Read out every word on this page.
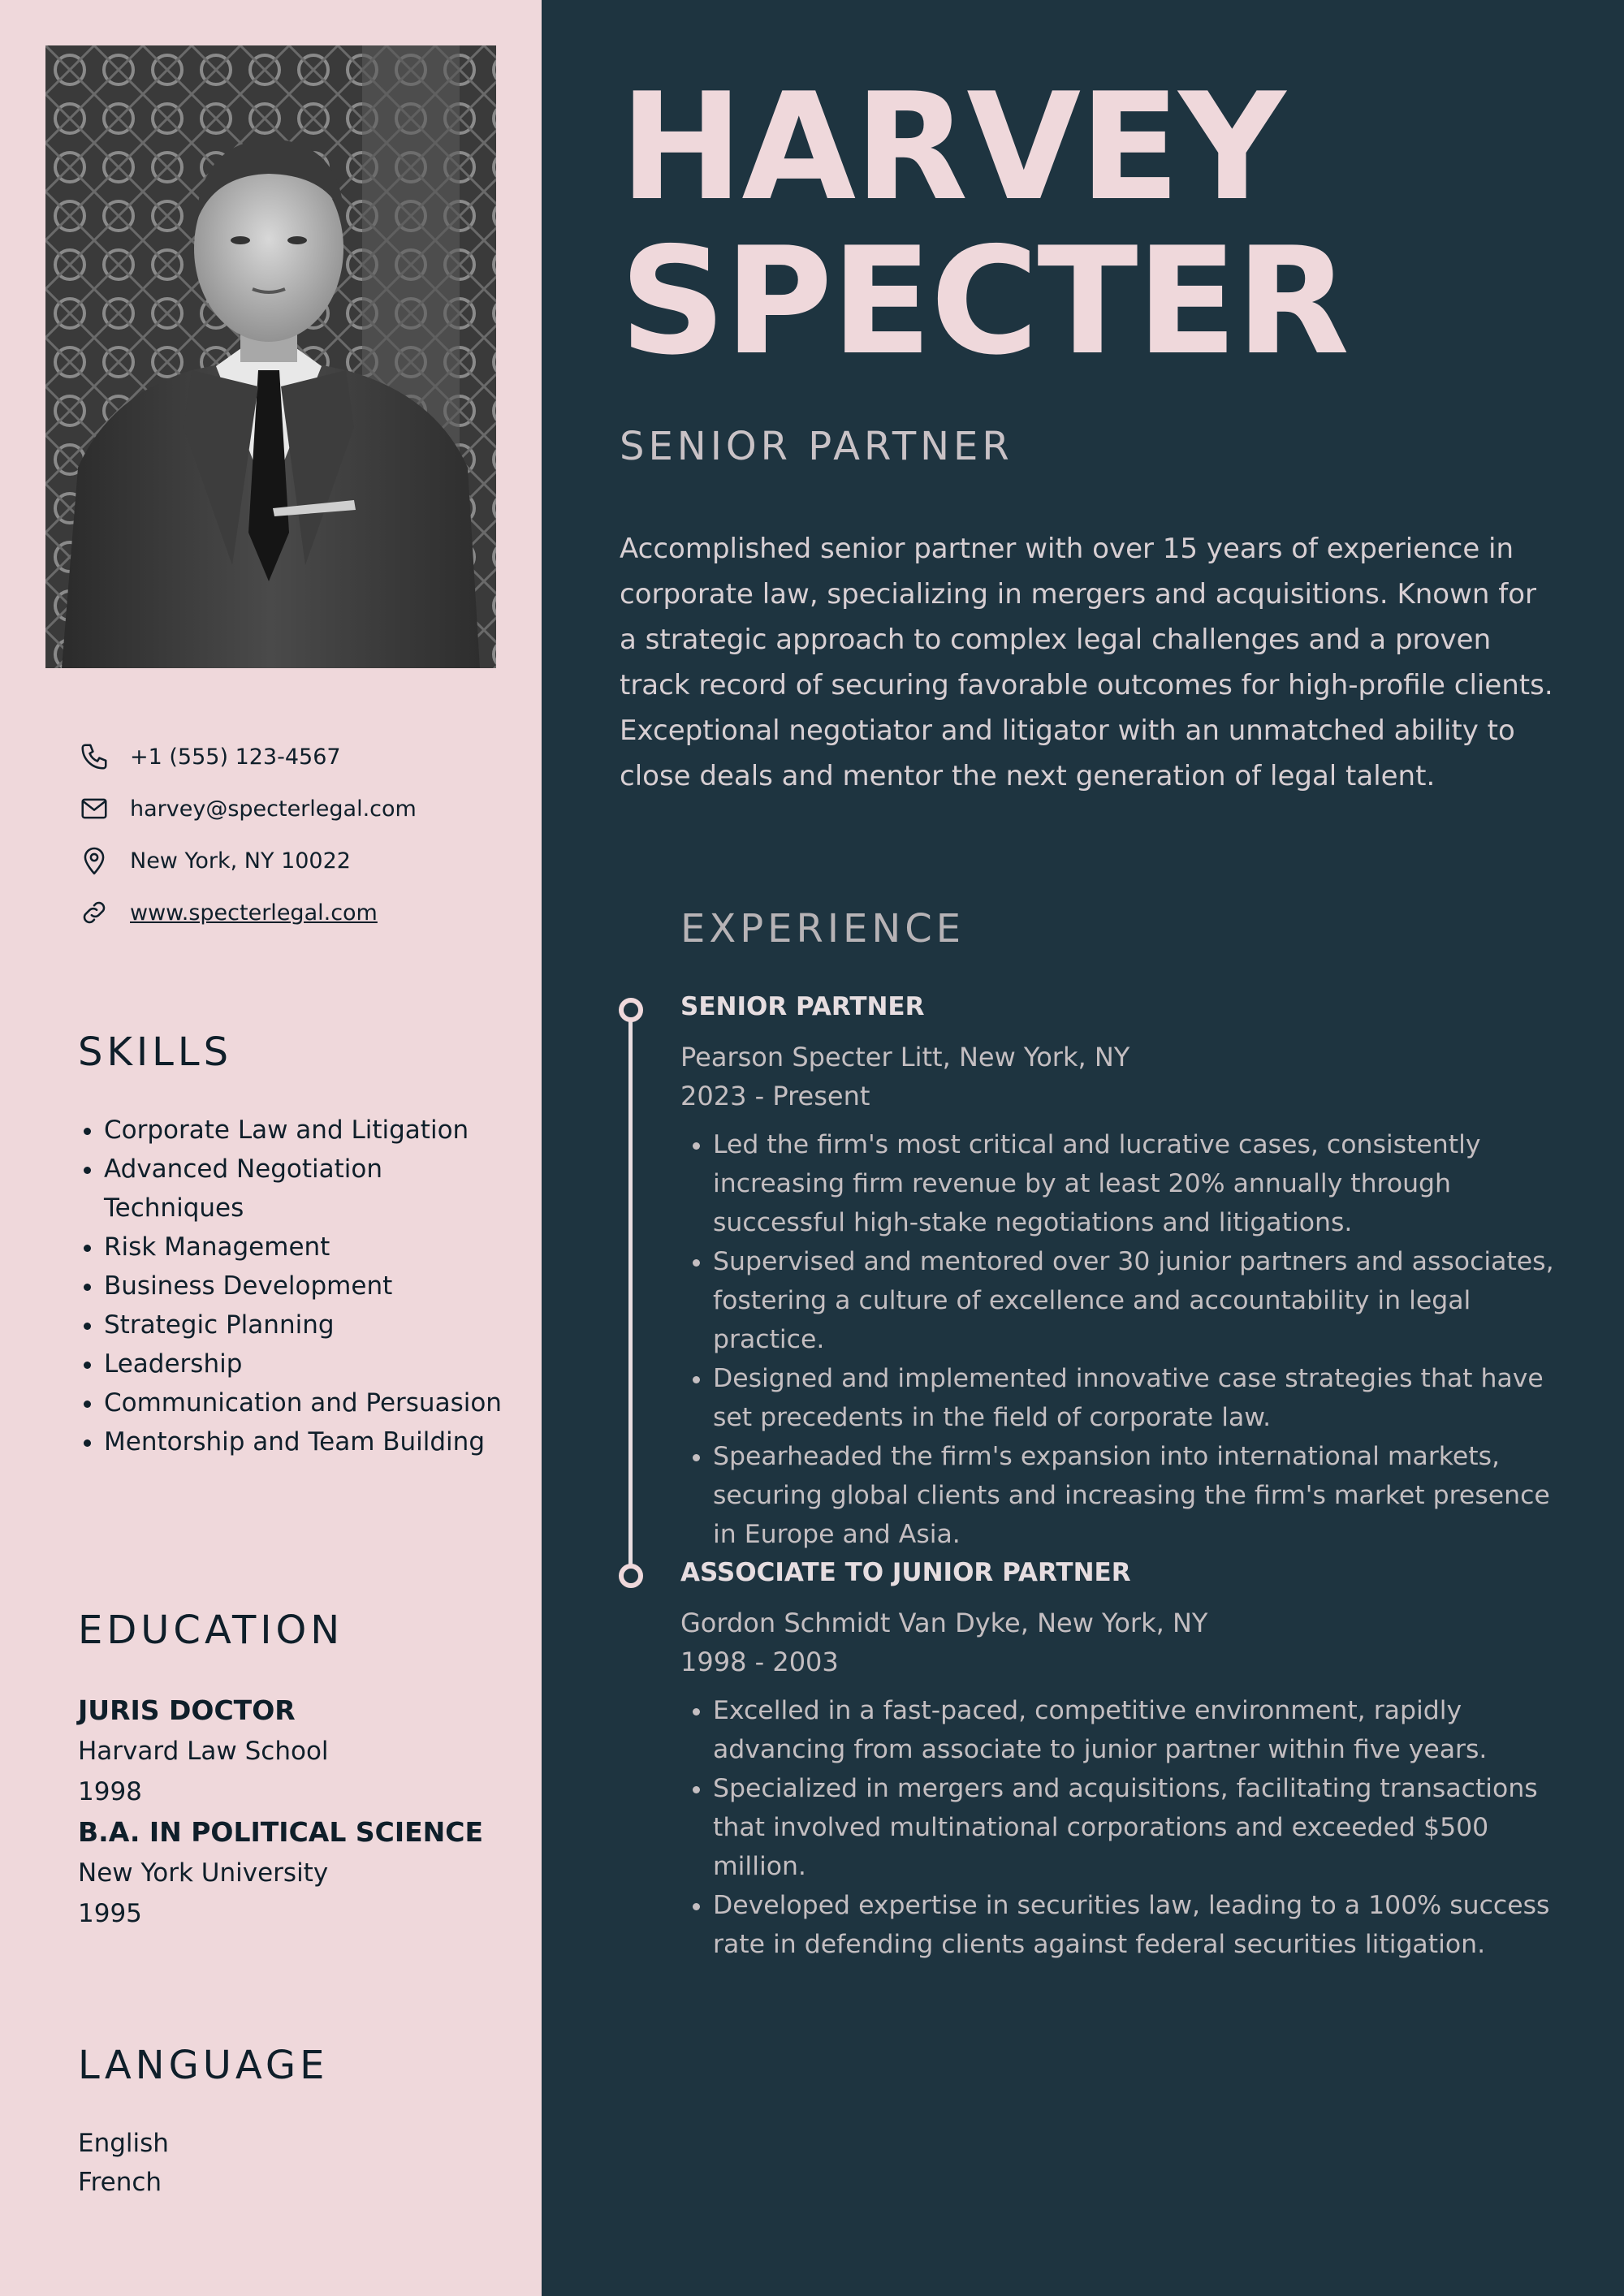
+1 (555) 123-4567
harvey@specterlegal.com
New York, NY 10022
www.specterlegal.com
SKILLS
• Corporate Law and Litigation
• Advanced Negotiation Techniques
• Risk Management
• Business Development
• Strategic Planning
• Leadership
• Communication and Persuasion
• Mentorship and Team Building
EDUCATION
JURIS DOCTOR
Harvard Law School
1998
B.A. IN POLITICAL SCIENCE
New York University
1995
LANGUAGE
English
French
HARVEY
SPECTER
SENIOR PARTNER

Accomplished senior partner with over 15 years of experience in corporate law, specializing in mergers and acquisitions. Known for a strategic approach to complex legal challenges and a proven track record of securing favorable outcomes for high-profile clients. Exceptional negotiator and litigator with an unmatched ability to close deals and mentor the next generation of legal talent.

EXPERIENCE
SENIOR PARTNER
Pearson Specter Litt, New York, NY
2023 - Present
• Led the firm's most critical and lucrative cases, consistently increasing firm revenue by at least 20% annually through successful high-stake negotiations and litigations.
• Supervised and mentored over 30 junior partners and associates, fostering a culture of excellence and accountability in legal practice.
• Designed and implemented innovative case strategies that have set precedents in the field of corporate law.
• Spearheaded the firm's expansion into international markets, securing global clients and increasing the firm's market presence in Europe and Asia.
ASSOCIATE TO JUNIOR PARTNER
Gordon Schmidt Van Dyke, New York, NY
1998 - 2003
• Excelled in a fast-paced, competitive environment, rapidly advancing from associate to junior partner within five years.
• Specialized in mergers and acquisitions, facilitating transactions that involved multinational corporations and exceeded $500 million.
• Developed expertise in securities law, leading to a 100% success rate in defending clients against federal securities litigation.
